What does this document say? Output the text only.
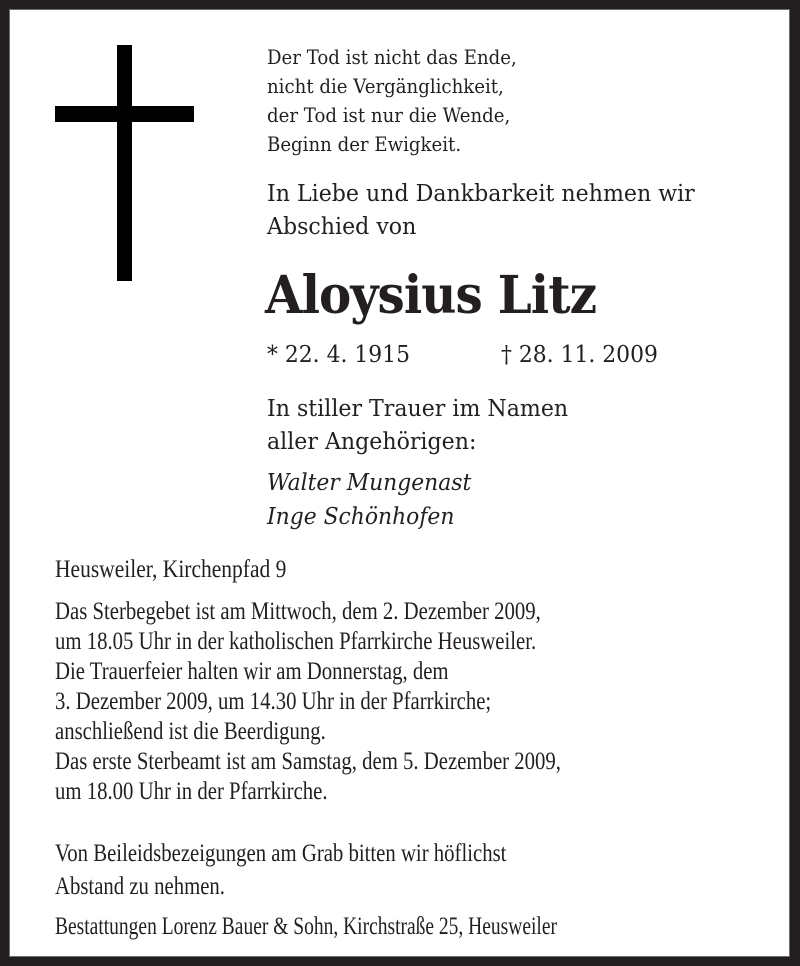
Der Tod ist nicht das Ende,
nicht die Vergänglichkeit,
der Tod ist nur die Wende,
Beginn der Ewigkeit.
In Liebe und Dankbarkeit nehmen wir
Abschied von
Aloysius Litz
* 22. 4. 1915	† 28. 11. 2009
In stiller Trauer im Namen
aller Angehörigen:
Walter Mungenast
Inge Schönhofen
Heusweiler, Kirchenpfad 9
Das Sterbegebet ist am Mittwoch, dem 2. Dezember 2009,
um 18.05 Uhr in der katholischen Pfarrkirche Heusweiler.
Die Trauerfeier halten wir am Donnerstag, dem
3. Dezember 2009, um 14.30 Uhr in der Pfarrkirche;
anschließend ist die Beerdigung.
Das erste Sterbeamt ist am Samstag, dem 5. Dezember 2009,
um 18.00 Uhr in der Pfarrkirche.
Von Beileidsbezeigungen am Grab bitten wir höflichst
Abstand zu nehmen.
Bestattungen Lorenz Bauer & Sohn, Kirchstraße 25, Heusweiler
